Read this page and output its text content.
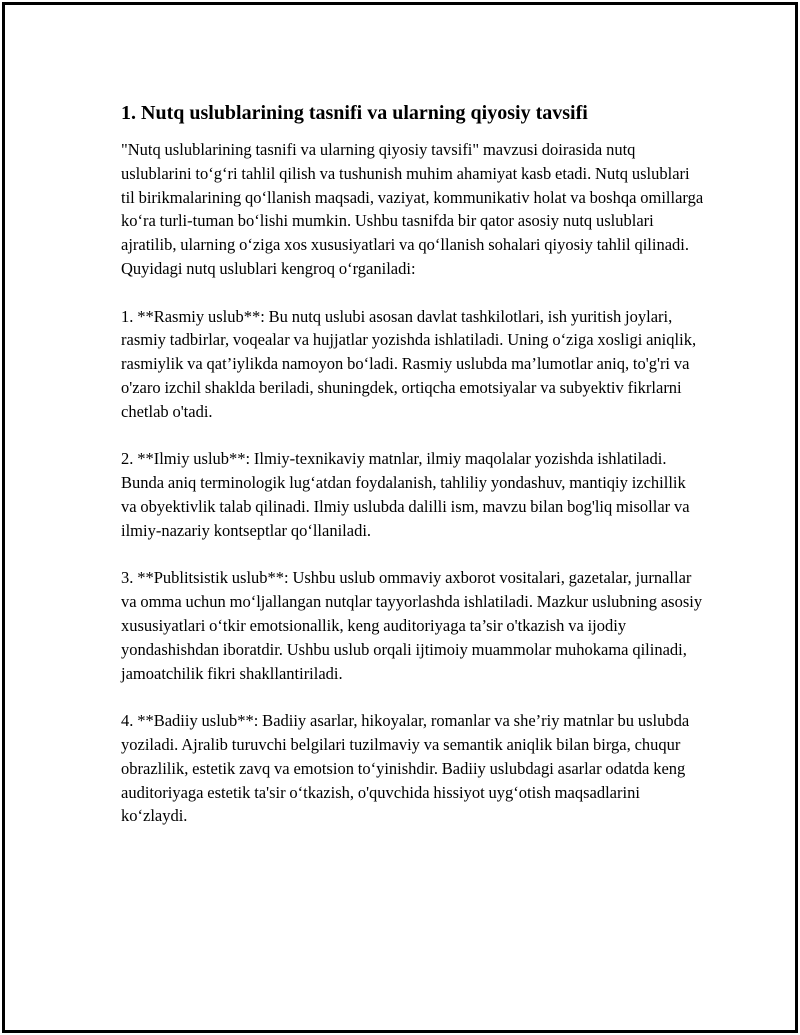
1. Nutq uslublarining tasnifi va ularning qiyosiy tavsifi

"Nutq uslublarining tasnifi va ularning qiyosiy tavsifi" mavzusi doirasida nutq uslublarini to‘g‘ri tahlil qilish va tushunish muhim ahamiyat kasb etadi. Nutq uslublari til birikmalarining qo‘llanish maqsadi, vaziyat, kommunikativ holat va boshqa omillarga ko‘ra turli-tuman bo‘lishi mumkin. Ushbu tasnifda bir qator asosiy nutq uslublari ajratilib, ularning o‘ziga xos xususiyatlari va qo‘llanish sohalari qiyosiy tahlil qilinadi. Quyidagi nutq uslublari kengroq o‘rganiladi:

1. **Rasmiy uslub**: Bu nutq uslubi asosan davlat tashkilotlari, ish yuritish joylari, rasmiy tadbirlar, voqealar va hujjatlar yozishda ishlatiladi. Uning o‘ziga xosligi aniqlik, rasmiylik va qat’iylikda namoyon bo‘ladi. Rasmiy uslubda ma’lumotlar aniq, to'g'ri va o'zaro izchil shaklda beriladi, shuningdek, ortiqcha emotsiyalar va subyektiv fikrlarni chetlab o'tadi.

2. **Ilmiy uslub**: Ilmiy-texnikaviy matnlar, ilmiy maqolalar yozishda ishlatiladi. Bunda aniq terminologik lug‘atdan foydalanish, tahliliy yondashuv, mantiqiy izchillik va obyektivlik talab qilinadi. Ilmiy uslubda dalilli ism, mavzu bilan bog'liq misollar va ilmiy-nazariy kontseptlar qo‘llaniladi.

3. **Publitsistik uslub**: Ushbu uslub ommaviy axborot vositalari, gazetalar, jurnallar va omma uchun mo‘ljallangan nutqlar tayyorlashda ishlatiladi. Mazkur uslubning asosiy xususiyatlari o‘tkir emotsionallik, keng auditoriyaga ta’sir o'tkazish va ijodiy yondashishdan iboratdir. Ushbu uslub orqali ijtimoiy muammolar muhokama qilinadi, jamoatchilik fikri shakllantiriladi.

4. **Badiiy uslub**: Badiiy asarlar, hikoyalar, romanlar va she’riy matnlar bu uslubda yoziladi. Ajralib turuvchi belgilari tuzilmaviy va semantik aniqlik bilan birga, chuqur obrazlilik, estetik zavq va emotsion to‘yinishdir. Badiiy uslubdagi asarlar odatda keng auditoriyaga estetik ta'sir o‘tkazish, o'quvchida hissiyot uyg‘otish maqsadlarini ko‘zlaydi.
